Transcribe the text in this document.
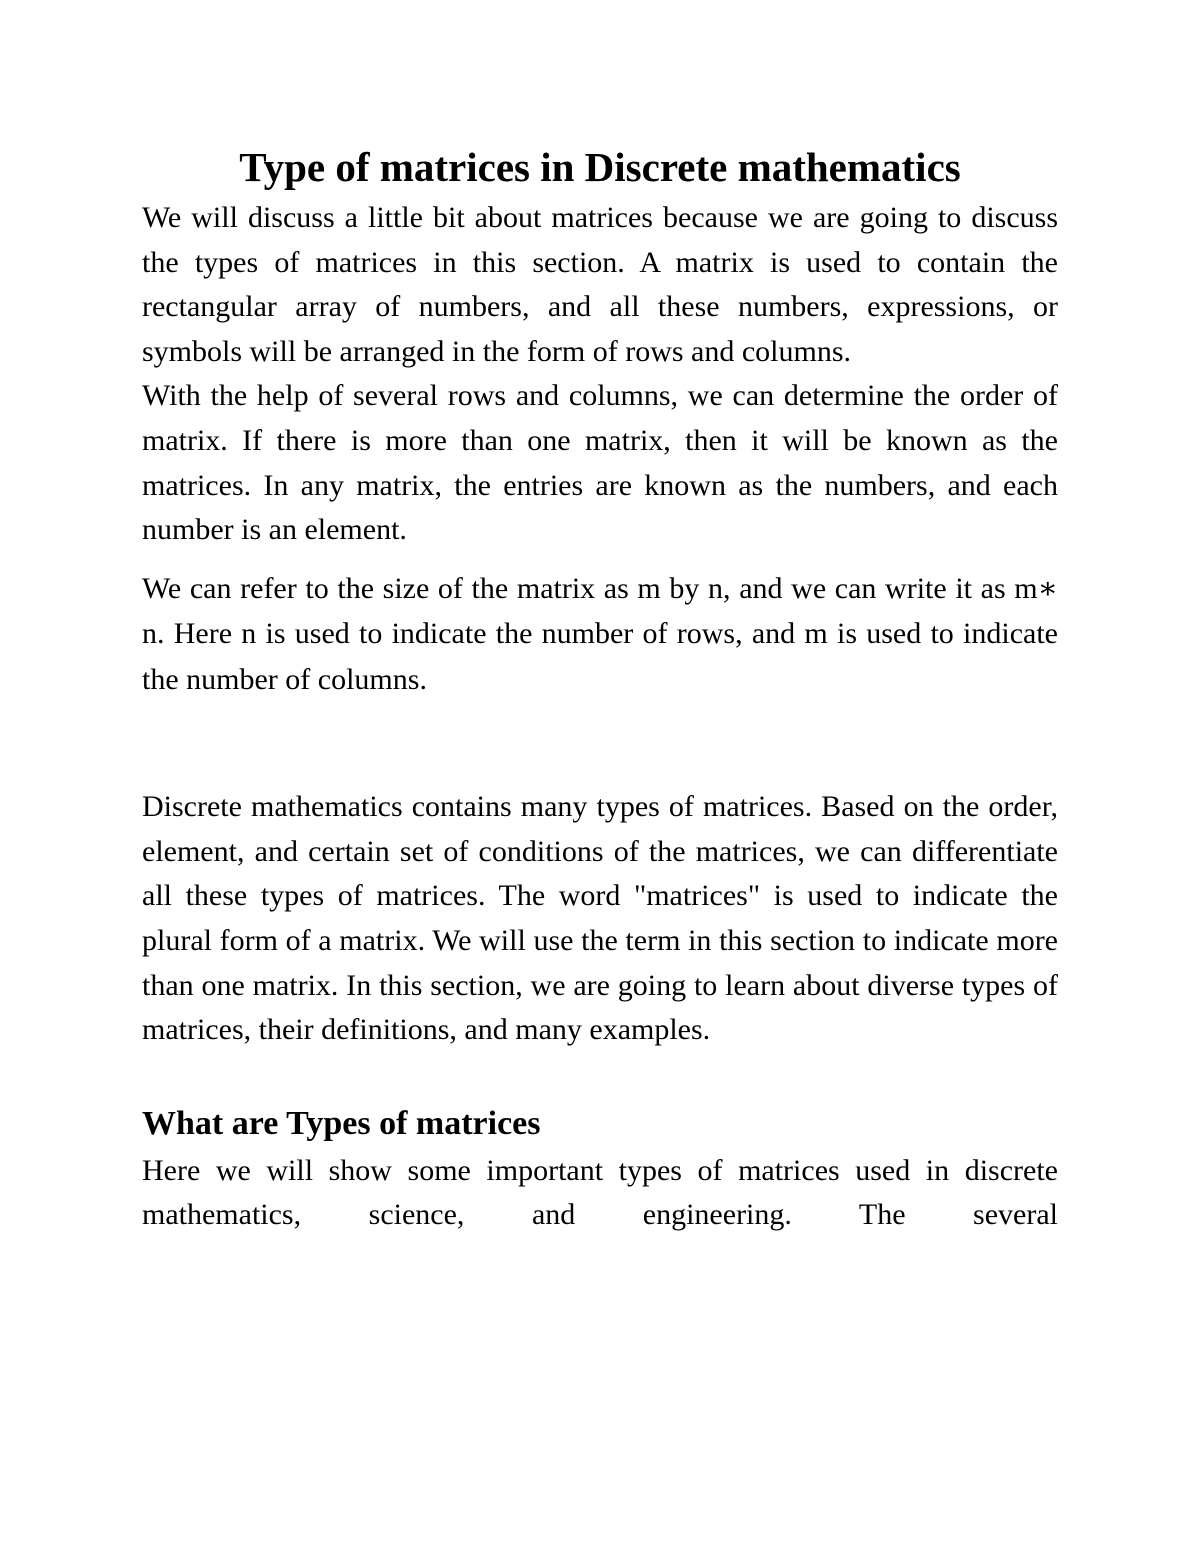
Type of matrices in Discrete mathematics

We will discuss a little bit about matrices because we are going to discuss the types of matrices in this section. A matrix is used to contain the rectangular array of numbers, and all these numbers, expressions, or symbols will be arranged in the form of rows and columns.

With the help of several rows and columns, we can determine the order of matrix. If there is more than one matrix, then it will be known as the matrices. In any matrix, the entries are known as the numbers, and each number is an element.

We can refer to the size of the matrix as m by n, and we can write it as m∗ n. Here n is used to indicate the number of rows, and m is used to indicate the number of columns.

Discrete mathematics contains many types of matrices. Based on the order, element, and certain set of conditions of the matrices, we can differentiate all these types of matrices. The word "matrices" is used to indicate the plural form of a matrix. We will use the term in this section to indicate more than one matrix. In this section, we are going to learn about diverse types of matrices, their definitions, and many examples.

What are Types of matrices

Here we will show some important types of matrices used in discrete mathematics, science, and engineering. The several
